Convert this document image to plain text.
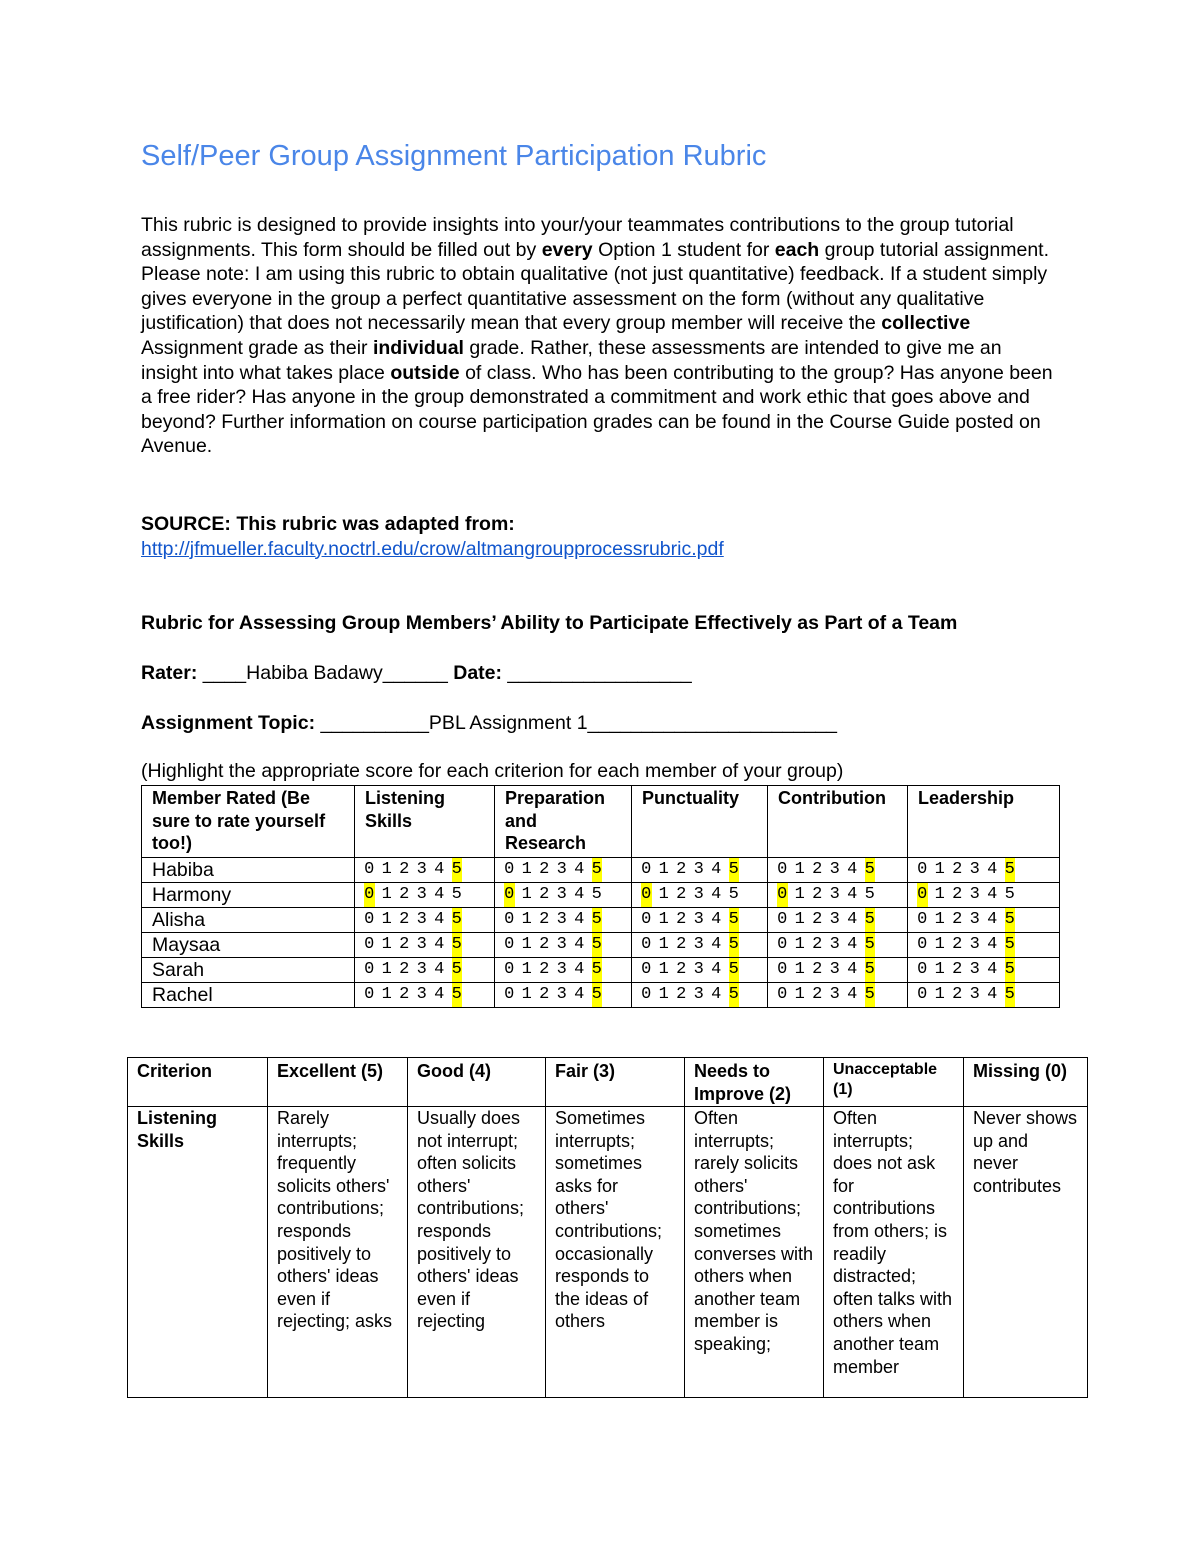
Self/Peer Group Assignment Participation Rubric

This rubric is designed to provide insights into your/your teammates contributions to the group tutorial assignments. This form should be filled out by every Option 1 student for each group tutorial assignment. Please note: I am using this rubric to obtain qualitative (not just quantitative) feedback. If a student simply gives everyone in the group a perfect quantitative assessment on the form (without any qualitative justification) that does not necessarily mean that every group member will receive the collective Assignment grade as their individual grade. Rather, these assessments are intended to give me an insight into what takes place outside of class. Who has been contributing to the group? Has anyone been a free rider? Has anyone in the group demonstrated a commitment and work ethic that goes above and beyond? Further information on course participation grades can be found in the Course Guide posted on Avenue.

SOURCE: This rubric was adapted from:
http://jfmueller.faculty.noctrl.edu/crow/altmangroupprocessrubric.pdf
Rubric for Assessing Group Members’ Ability to Participate Effectively as Part of a Team
Rater: ____Habiba Badawy______ Date: _________________
Assignment Topic: __________PBL Assignment 1_______________________
(Highlight the appropriate score for each criterion for each member of your group)
Member Rated (Be sure to rate yourself too!)	Listening Skills	Preparation and Research	Punctuality	Contribution	Leadership
Habiba	0 1 2 3 4 5	0 1 2 3 4 5	0 1 2 3 4 5	0 1 2 3 4 5	0 1 2 3 4 5
Harmony	0 1 2 3 4 5	0 1 2 3 4 5	0 1 2 3 4 5	0 1 2 3 4 5	0 1 2 3 4 5
Alisha	0 1 2 3 4 5	0 1 2 3 4 5	0 1 2 3 4 5	0 1 2 3 4 5	0 1 2 3 4 5
Maysaa	0 1 2 3 4 5	0 1 2 3 4 5	0 1 2 3 4 5	0 1 2 3 4 5	0 1 2 3 4 5
Sarah	0 1 2 3 4 5	0 1 2 3 4 5	0 1 2 3 4 5	0 1 2 3 4 5	0 1 2 3 4 5
Rachel	0 1 2 3 4 5	0 1 2 3 4 5	0 1 2 3 4 5	0 1 2 3 4 5	0 1 2 3 4 5
Criterion	Excellent (5)	Good (4)	Fair (3)	Needs to Improve (2)	Unacceptable (1)	Missing (0)
Listening Skills	Rarely interrupts; frequently solicits others' contributions; responds positively to others' ideas even if rejecting; asks	Usually does not interrupt; often solicits others' contributions; responds positively to others' ideas even if rejecting	Sometimes interrupts; sometimes asks for others' contributions; occasionally responds to the ideas of others	Often interrupts; rarely solicits others' contributions; sometimes converses with others when another team member is speaking;	Often interrupts; does not ask for contributions from others; is readily distracted; often talks with others when another team member	Never shows up and never contributes
